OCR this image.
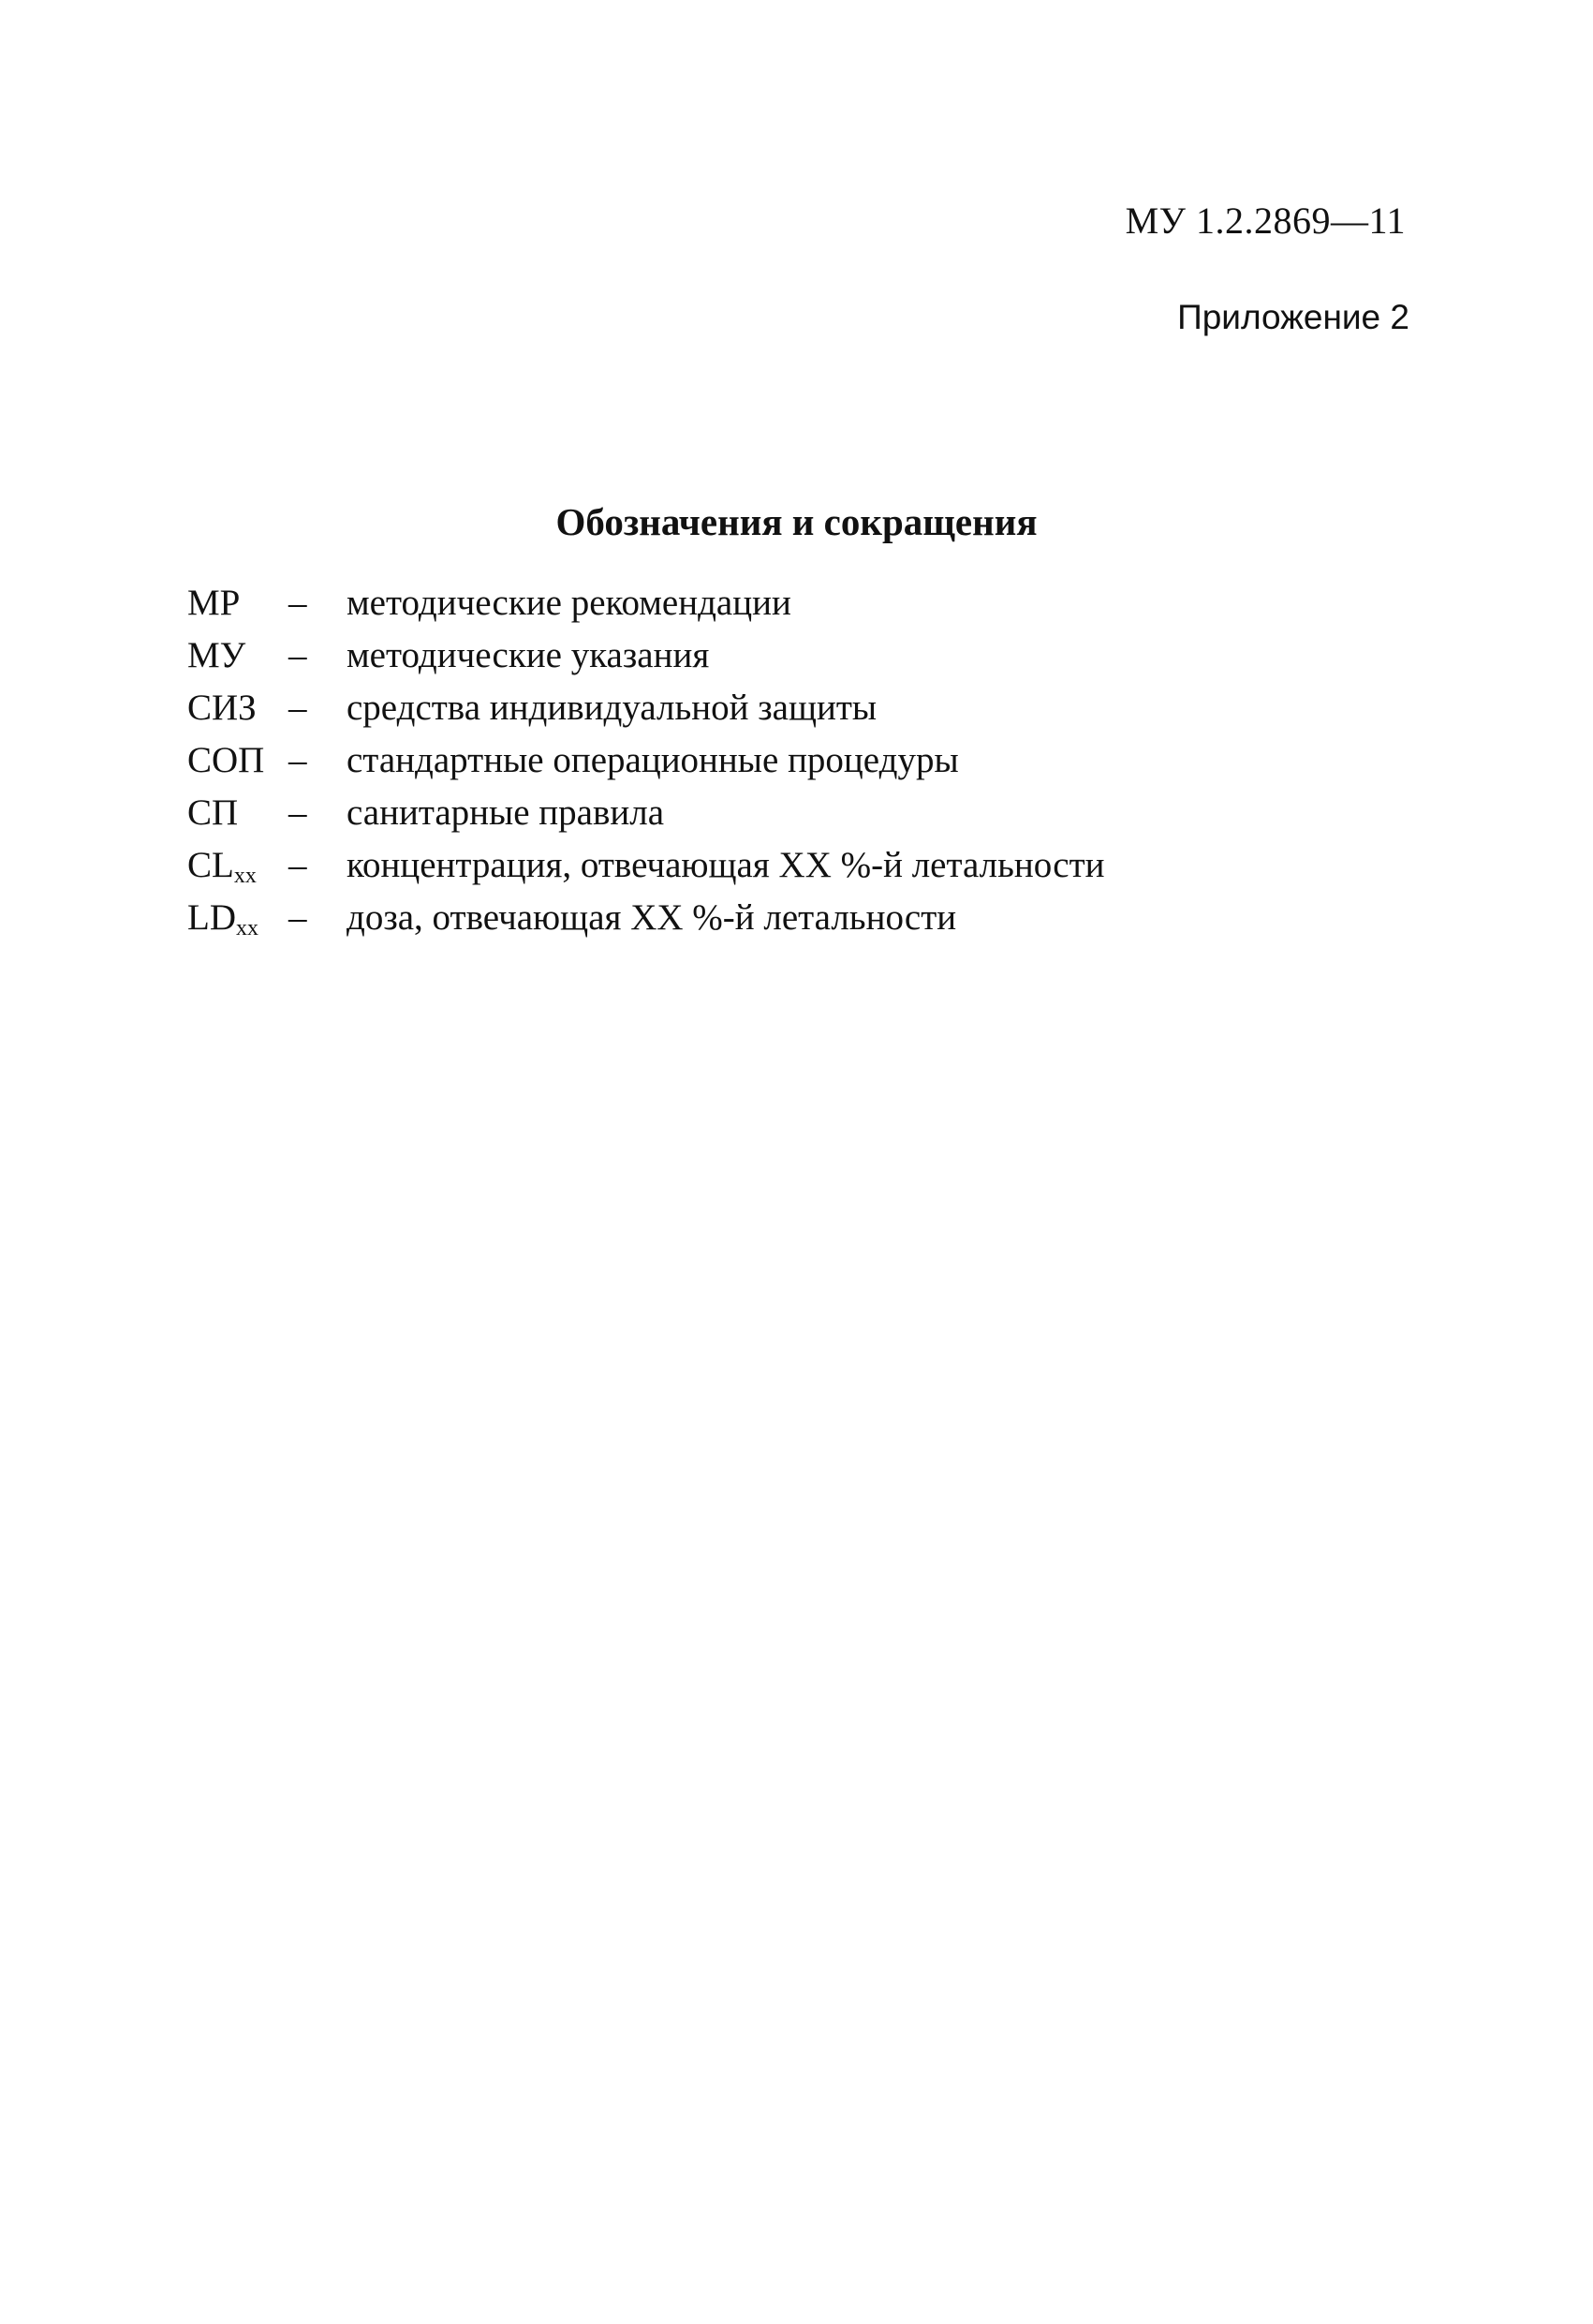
МУ 1.2.2869—11
Приложение 2
Обозначения и сокращения
МР	–	методические рекомендации
МУ	–	методические указания
СИЗ –	средства индивидуальной защиты
СОП –	стандартные операционные процедуры
СП	–	санитарные правила
$CL_{xx}$ –	концентрация, отвечающая XX %-й летальности
$LD_{xx}$ –	доза, отвечающая XX %-й летальности
